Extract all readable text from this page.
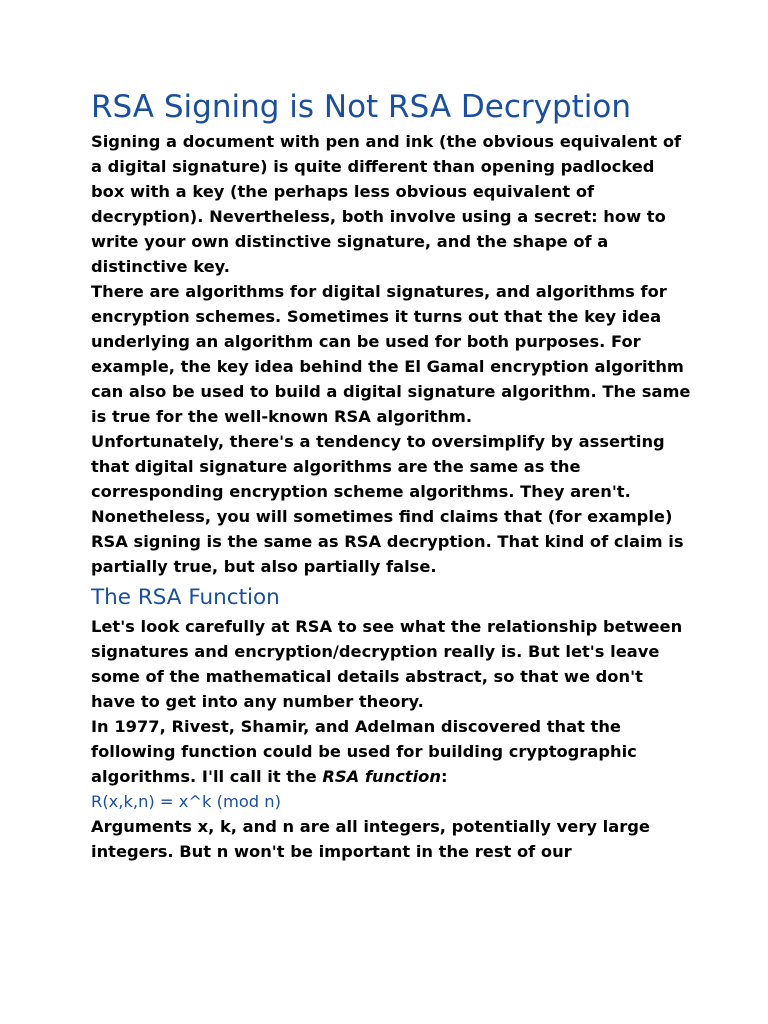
RSA Signing is Not RSA Decryption

Signing a document with pen and ink (the obvious equivalent of a digital signature) is quite different than opening padlocked box with a key (the perhaps less obvious equivalent of decryption). Nevertheless, both involve using a secret: how to write your own distinctive signature, and the shape of a distinctive key.

There are algorithms for digital signatures, and algorithms for encryption schemes. Sometimes it turns out that the key idea underlying an algorithm can be used for both purposes. For example, the key idea behind the El Gamal encryption algorithm can also be used to build a digital signature algorithm. The same is true for the well-known RSA algorithm.

Unfortunately, there's a tendency to oversimplify by asserting that digital signature algorithms are the same as the corresponding encryption scheme algorithms. They aren't. Nonetheless, you will sometimes find claims that (for example) RSA signing is the same as RSA decryption. That kind of claim is partially true, but also partially false.

The RSA Function

Let's look carefully at RSA to see what the relationship between signatures and encryption/decryption really is. But let's leave some of the mathematical details abstract, so that we don't have to get into any number theory.

In 1977, Rivest, Shamir, and Adelman discovered that the following function could be used for building cryptographic algorithms. I'll call it the RSA function:

R(x,k,n) = x^k (mod n)

Arguments x, k, and n are all integers, potentially very large integers. But n won't be important in the rest of our
